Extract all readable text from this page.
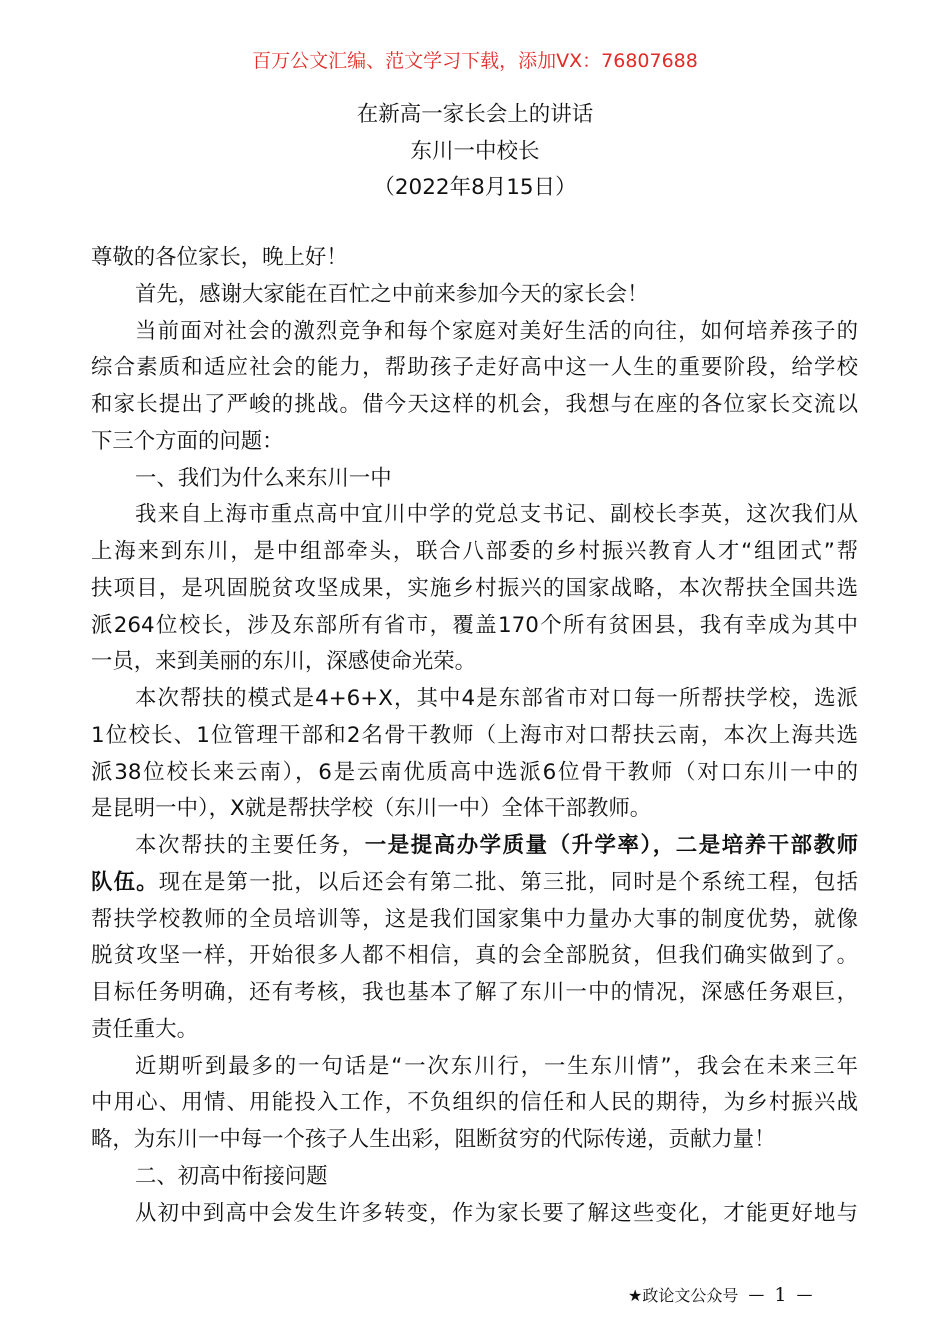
百万公文汇编、范文学习下载，添加VX：76807688
在新高一家长会上的讲话
东川一中校长
（2022年8月15日）
尊敬的各位家长，晚上好！
首先，感谢大家能在百忙之中前来参加今天的家长会！
当前面对社会的激烈竞争和每个家庭对美好生活的向往，如何培养孩子的
综合素质和适应社会的能力，帮助孩子走好高中这一人生的重要阶段，给学校
和家长提出了严峻的挑战。借今天这样的机会，我想与在座的各位家长交流以
下三个方面的问题：
一、我们为什么来东川一中
我来自上海市重点高中宜川中学的党总支书记、副校长李英，这次我们从
上海来到东川，是中组部牵头，联合八部委的乡村振兴教育人才“组团式”帮
扶项目，是巩固脱贫攻坚成果，实施乡村振兴的国家战略，本次帮扶全国共选
派264位校长，涉及东部所有省市，覆盖170个所有贫困县，我有幸成为其中
一员，来到美丽的东川，深感使命光荣。
本次帮扶的模式是4+6+X，其中4是东部省市对口每一所帮扶学校，选派
1位校长、1位管理干部和2名骨干教师（上海市对口帮扶云南，本次上海共选
派38位校长来云南），6是云南优质高中选派6位骨干教师（对口东川一中的
是昆明一中），X就是帮扶学校（东川一中）全体干部教师。
本次帮扶的主要任务，一是提高办学质量（升学率），二是培养干部教师
队伍。现在是第一批，以后还会有第二批、第三批，同时是个系统工程，包括
帮扶学校教师的全员培训等，这是我们国家集中力量办大事的制度优势，就像
脱贫攻坚一样，开始很多人都不相信，真的会全部脱贫，但我们确实做到了。
目标任务明确，还有考核，我也基本了解了东川一中的情况，深感任务艰巨，
责任重大。
近期听到最多的一句话是“一次东川行，一生东川情”，我会在未来三年
中用心、用情、用能投入工作，不负组织的信任和人民的期待，为乡村振兴战
略，为东川一中每一个孩子人生出彩，阻断贫穷的代际传递，贡献力量！
二、初高中衔接问题
从初中到高中会发生许多转变，作为家长要了解这些变化，才能更好地与
★政论文公众号 — 1 —
